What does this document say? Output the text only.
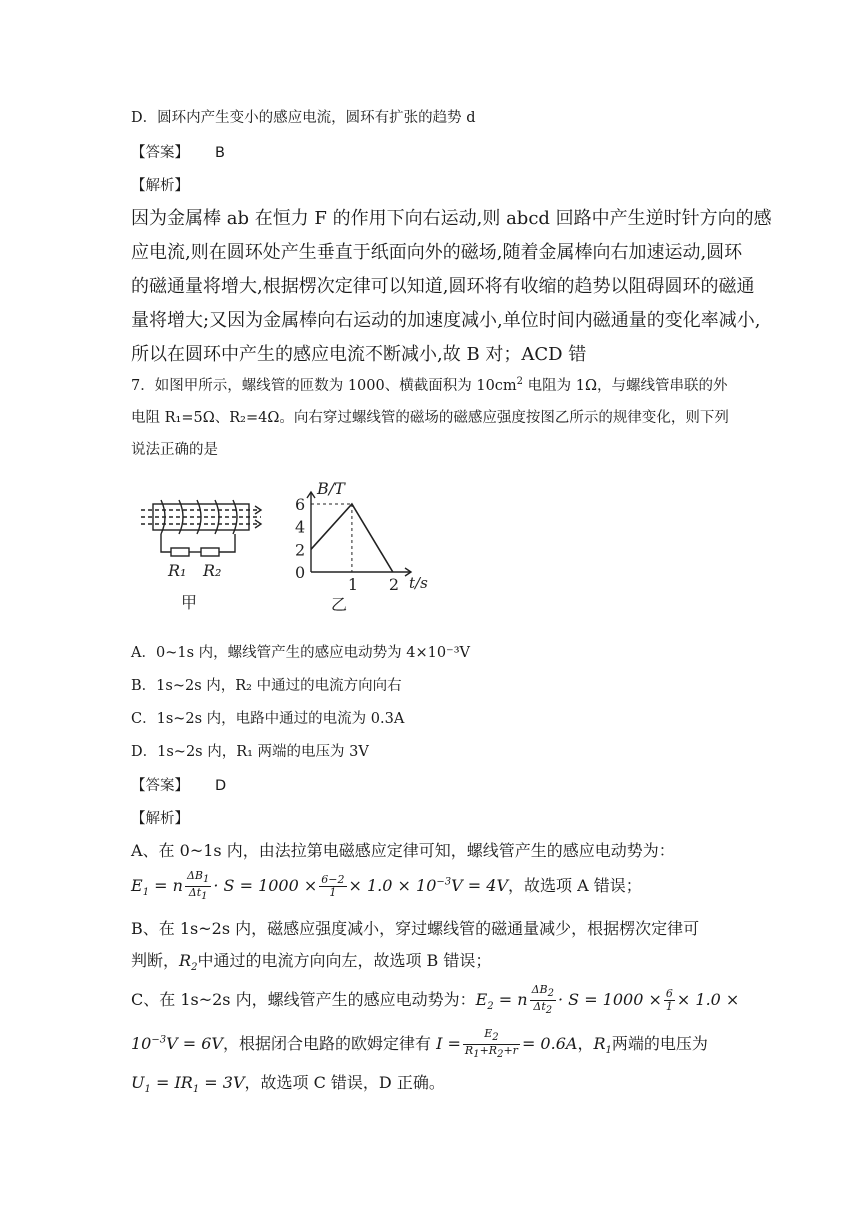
D．圆环内产生变小的感应电流，圆环有扩张的趋势 d
【答案】 B
【解析】
因为金属棒 ab 在恒力 F 的作用下向右运动,则 abcd 回路中产生逆时针方向的感
应电流,则在圆环处产生垂直于纸面向外的磁场,随着金属棒向右加速运动,圆环
的磁通量将增大,根据楞次定律可以知道,圆环将有收缩的趋势以阻碍圆环的磁通
量将增大;又因为金属棒向右运动的加速度减小,单位时间内磁通量的变化率减小,
所以在圆环中产生的感应电流不断减小,故 B 对；ACD 错
7．如图甲所示，螺线管的匝数为 1000、横截面积为 $10cm^2$ 电阻为 1Ω，与螺线管串联的外
电阻 R₁=5Ω、R₂=4Ω。向右穿过螺线管的磁场的磁感应强度按图乙所示的规律变化，则下列
说法正确的是
R₁ R₂
甲
6
4
2
0
1 2
B/T
t/s
乙
A．0~1s 内，螺线管产生的感应电动势为 4×10⁻³V
B．1s~2s 内，R₂ 中通过的电流方向向右
C．1s~2s 内，电路中通过的电流为 0.3A
D．1s~2s 内，R₁ 两端的电压为 3V
【答案】 D
【解析】
A、在 0~1s 内，由法拉第电磁感应定律可知，螺线管产生的感应电动势为：
$E_1 = n \frac{\Delta B_1}{\Delta t_1} \cdot S = 1000 \times \frac{6-2}{1} \times 1.0 \times 10^{-3}V = 4V$，故选项 A 错误；
B、在 1s~2s 内，磁感应强度减小，穿过螺线管的磁通量减少，根据楞次定律可
判断，$R_2$中通过的电流方向向左，故选项 B 错误；
C、在 1s~2s 内，螺线管产生的感应电动势为：$E_2 = n \frac{\Delta B_2}{\Delta t_2} \cdot S = 1000 \times \frac{6}{1} \times 1.0$ ×
$10^{-3}V = 6V$，根据闭合电路的欧姆定律有 $I = \frac{E_2}{R_1+R_2+r} = 0.6A$，$R_1$两端的电压为
$U_1 = IR_1 = 3V$，故选项 C 错误，D 正确。
